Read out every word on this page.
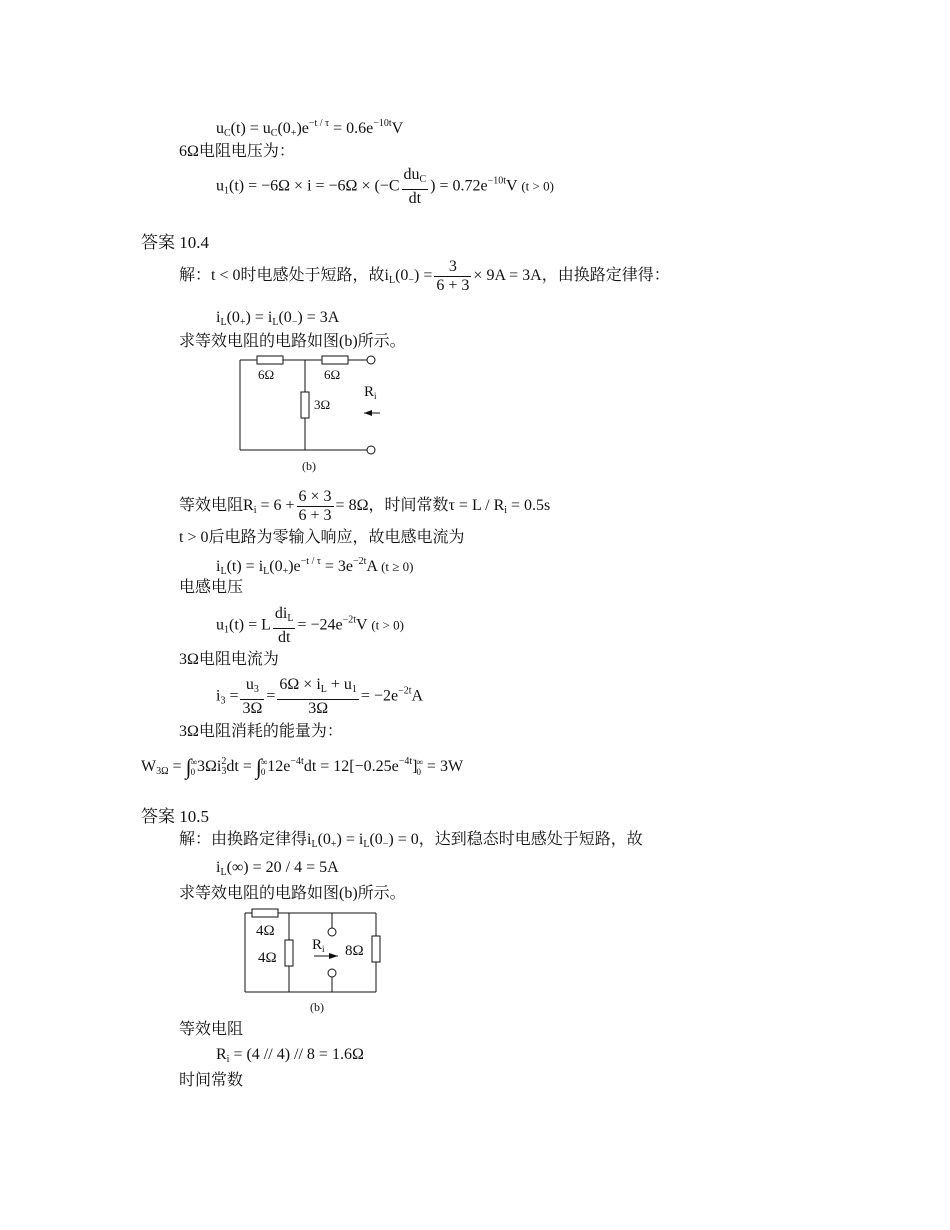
$u_C(t) = u_C(0_+)e^{-t / \tau} = 0.6e^{-10t}V$
6Ω电阻电压为：
$u_1(t) = -6\Omega \times i = -6\Omega \times (-C \frac{du_C}{dt}$ ) = $0.72e^{-10t}V$ (t > 0)
答案 10.4
解：t < 0时电感处于短路，故$i_L(0_-) = \frac{3}{6 + 3} \times 9A = 3A$，由换路定律得：
$i_L(0_+) = i_L(0_-) = 3A$
求等效电阻的电路如图(b)所示。
6Ω	6Ω
3Ω
$R_i$
(b)
等效电阻$R_i = 6 + \frac{6 \times 3}{6 + 3} = 8\Omega$，时间常数$\tau = L / R_i = 0.5s$
t > 0后电路为零输入响应，故电感电流为
$i_L(t) = i_L(0_+)e^{-t / \tau} = 3e^{-2t}A$ (t ≥ 0)
电感电压
$u_1(t) = L \frac{di_L}{dt} = -24e^{-2t}V$ (t > 0)
3Ω电阻电流为
$i_3 = \frac{u_3}{3\Omega} = \frac{6\Omega \times i_L + u_1}{3\Omega} = -2e^{-2t}A$
3Ω电阻消耗的能量为：
$W_{3\Omega}$ = ∫∞
0 $3\Omega i_3^2dt$ = ∫∞
0 $12e^{-4t}dt = 12[-0.25e^{-4t}]\infty$
0 = 3W
答案 10.5
解：由换路定律得$i_L(0_+) = i_L(0_-) = 0$，达到稳态时电感处于短路，故
$i_L(\infty) = 20 / 4 = 5A$
求等效电阻的电路如图(b)所示。
4Ω
4Ω	8Ω
$R_i$
(b)
等效电阻
$R_i = (4 // 4) // 8 = 1.6\Omega$
时间常数
